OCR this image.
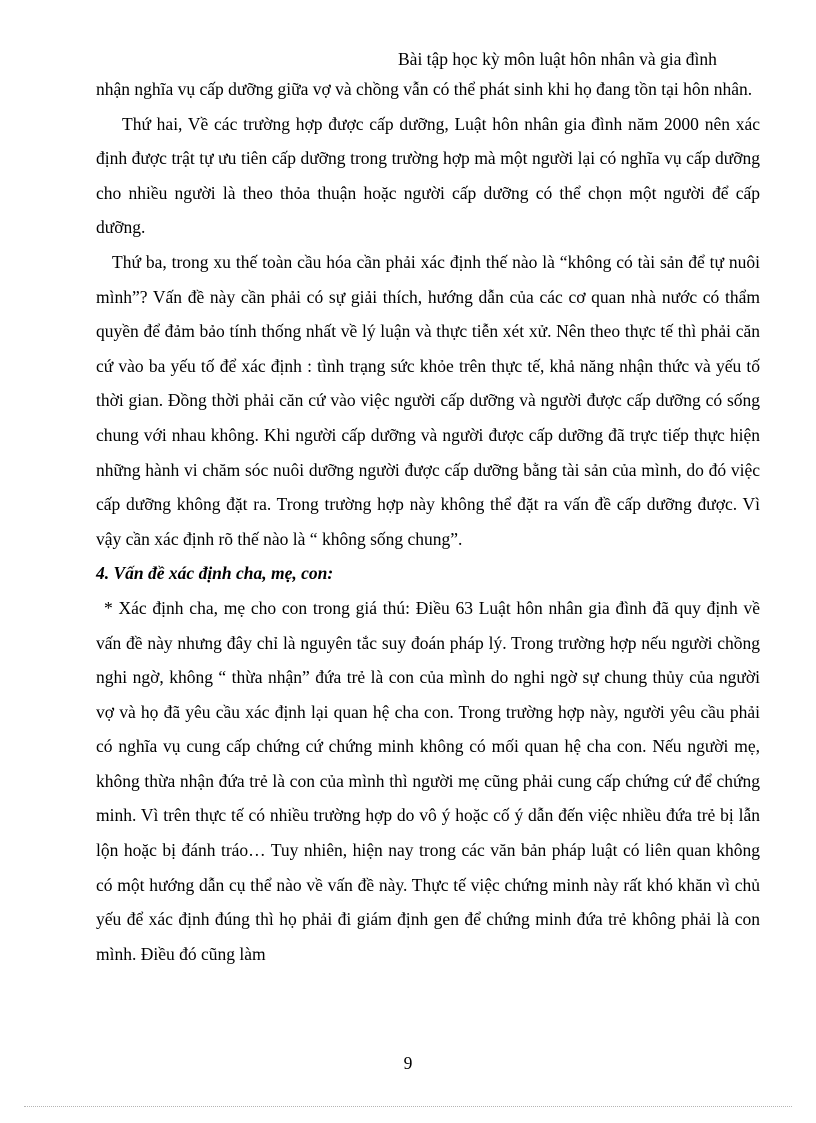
Bài tập học kỳ môn luật hôn nhân và gia đình

nhận nghĩa vụ cấp dưỡng giữa vợ và chồng vẫn có thể phát sinh khi họ đang tồn tại hôn nhân.

Thứ hai, Về các trường hợp được cấp dưỡng, Luật hôn nhân gia đình năm 2000 nên xác định được trật tự ưu tiên cấp dưỡng trong trường hợp mà một người lại có nghĩa vụ cấp dưỡng cho nhiều người là theo thỏa thuận hoặc người cấp dưỡng có thể chọn một người để cấp dưỡng.

Thứ ba, trong xu thế toàn cầu hóa cần phải xác định thế nào là “không có tài sản để tự nuôi mình”? Vấn đề này cần phải có sự giải thích, hướng dẫn của các cơ quan nhà nước có thẩm quyền để đảm bảo tính thống nhất về lý luận và thực tiễn xét xử. Nên theo thực tế thì phải căn cứ vào ba yếu tố để xác định : tình trạng sức khỏe trên thực tế, khả năng nhận thức và yếu tố thời gian. Đồng thời phải căn cứ vào việc người cấp dưỡng và người được cấp dưỡng có sống chung với nhau không. Khi người cấp dưỡng và người được cấp dưỡng đã trực tiếp thực hiện những hành vi chăm sóc nuôi dưỡng người được cấp dưỡng bằng tài sản của mình, do đó việc cấp dưỡng không đặt ra. Trong trường hợp này không thể đặt ra vấn đề cấp dưỡng được. Vì vậy cần xác định rõ thế nào là “ không sống chung”.

4. Vấn đề xác định cha, mẹ, con:

* Xác định cha, mẹ cho con trong giá thú: Điều 63 Luật hôn nhân gia đình đã quy định về vấn đề này nhưng đây chỉ là nguyên tắc suy đoán pháp lý. Trong trường hợp nếu người chồng nghi ngờ, không “ thừa nhận” đứa trẻ là con của mình do nghi ngờ sự chung thủy của người vợ và họ đã yêu cầu xác định lại quan hệ cha con. Trong trường hợp này, người yêu cầu phải có nghĩa vụ cung cấp chứng cứ chứng minh không có mối quan hệ cha con. Nếu người mẹ, không thừa nhận đứa trẻ là con của mình thì người mẹ cũng phải cung cấp chứng cứ để chứng minh. Vì trên thực tế có nhiều trường hợp do vô ý hoặc cố ý dẫn đến việc nhiều đứa trẻ bị lẫn lộn hoặc bị đánh tráo… Tuy nhiên, hiện nay trong các văn bản pháp luật có liên quan không có một hướng dẫn cụ thể nào về vấn đề này. Thực tế việc chứng minh này rất khó khăn vì chủ yếu để xác định đúng thì họ phải đi giám định gen để chứng minh đứa trẻ không phải là con mình. Điều đó cũng làm

9
